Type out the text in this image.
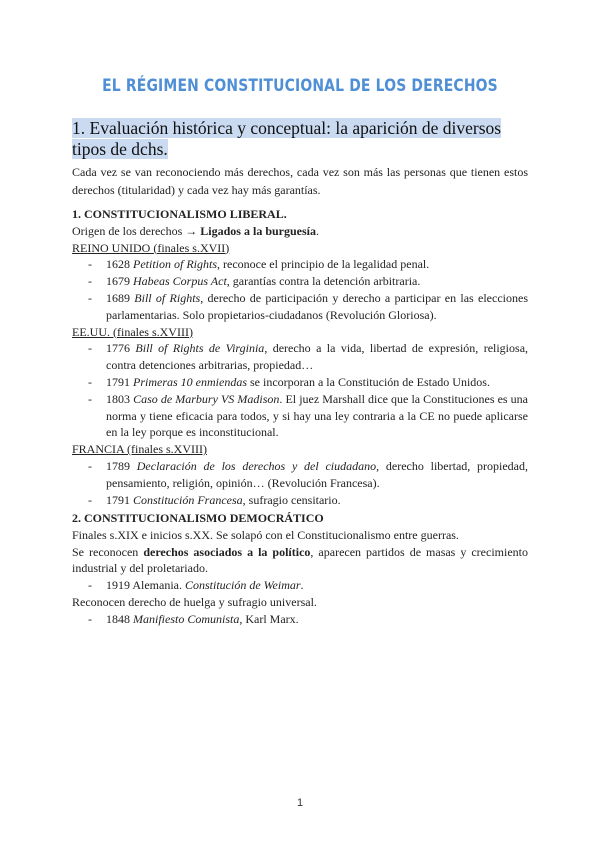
EL RÉGIMEN CONSTITUCIONAL DE LOS DERECHOS
1. Evaluación histórica y conceptual: la aparición de diversos tipos de dchs.
Cada vez se van reconociendo más derechos, cada vez son más las personas que tienen estos derechos (titularidad) y cada vez hay más garantías.
1. CONSTITUCIONALISMO LIBERAL.
Origen de los derechos → Ligados a la burguesía.
REINO UNIDO (finales s.XVII)
- 1628 Petition of Rights, reconoce el principio de la legalidad penal.
- 1679 Habeas Corpus Act, garantías contra la detención arbitraria.
- 1689 Bill of Rights, derecho de participación y derecho a participar en las elecciones parlamentarias. Solo propietarios-ciudadanos (Revolución Gloriosa).
EE.UU. (finales s.XVIII)
- 1776 Bill of Rights de Virginia, derecho a la vida, libertad de expresión, religiosa, contra detenciones arbitrarias, propiedad…
- 1791 Primeras 10 enmiendas se incorporan a la Constitución de Estado Unidos.
- 1803 Caso de Marbury VS Madison. El juez Marshall dice que la Constituciones es una norma y tiene eficacia para todos, y si hay una ley contraria a la CE no puede aplicarse en la ley porque es inconstitucional.
FRANCIA (finales s.XVIII)
- 1789 Declaración de los derechos y del ciudadano, derecho libertad, propiedad, pensamiento, religión, opinión… (Revolución Francesa).
- 1791 Constitución Francesa, sufragio censitario.
2. CONSTITUCIONALISMO DEMOCRÁTICO
Finales s.XIX e inicios s.XX. Se solapó con el Constitucionalismo entre guerras.
Se reconocen derechos asociados a la político, aparecen partidos de masas y crecimiento industrial y del proletariado.
- 1919 Alemania. Constitución de Weimar.
Reconocen derecho de huelga y sufragio universal.
- 1848 Manifiesto Comunista, Karl Marx.
1
